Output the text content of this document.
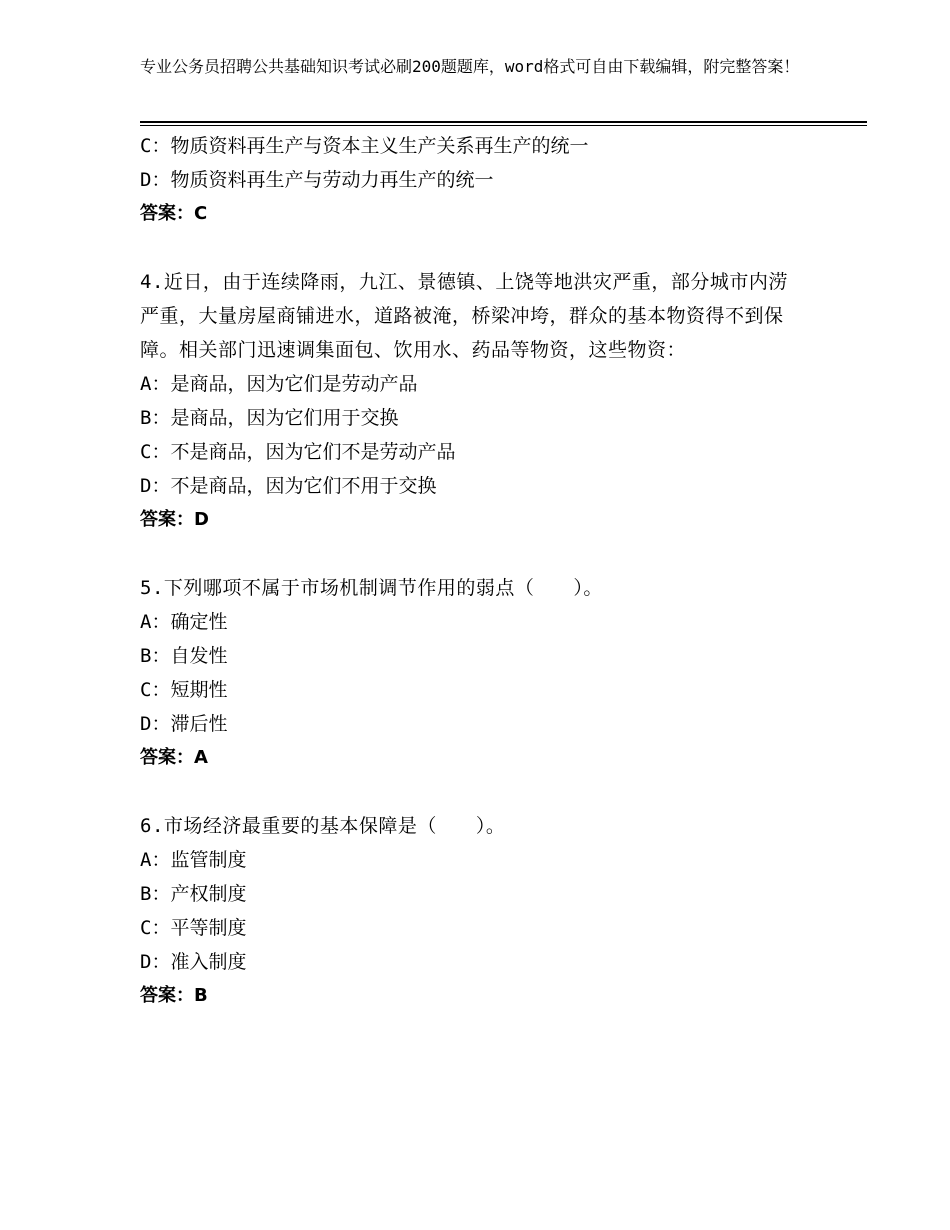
专业公务员招聘公共基础知识考试必刷200题题库，word格式可自由下载编辑，附完整答案！
C：物质资料再生产与资本主义生产关系再生产的统一
D：物质资料再生产与劳动力再生产的统一
答案：C
4.近日，由于连续降雨，九江、景德镇、上饶等地洪灾严重，部分城市内涝严重，大量房屋商铺进水，道路被淹，桥梁冲垮，群众的基本物资得不到保障。相关部门迅速调集面包、饮用水、药品等物资，这些物资：
A：是商品，因为它们是劳动产品
B：是商品，因为它们用于交换
C：不是商品，因为它们不是劳动产品
D：不是商品，因为它们不用于交换
答案：D
5.下列哪项不属于市场机制调节作用的弱点（　　）。
A：确定性
B：自发性
C：短期性
D：滞后性
答案：A
6.市场经济最重要的基本保障是（　　）。
A：监管制度
B：产权制度
C：平等制度
D：准入制度
答案：B
